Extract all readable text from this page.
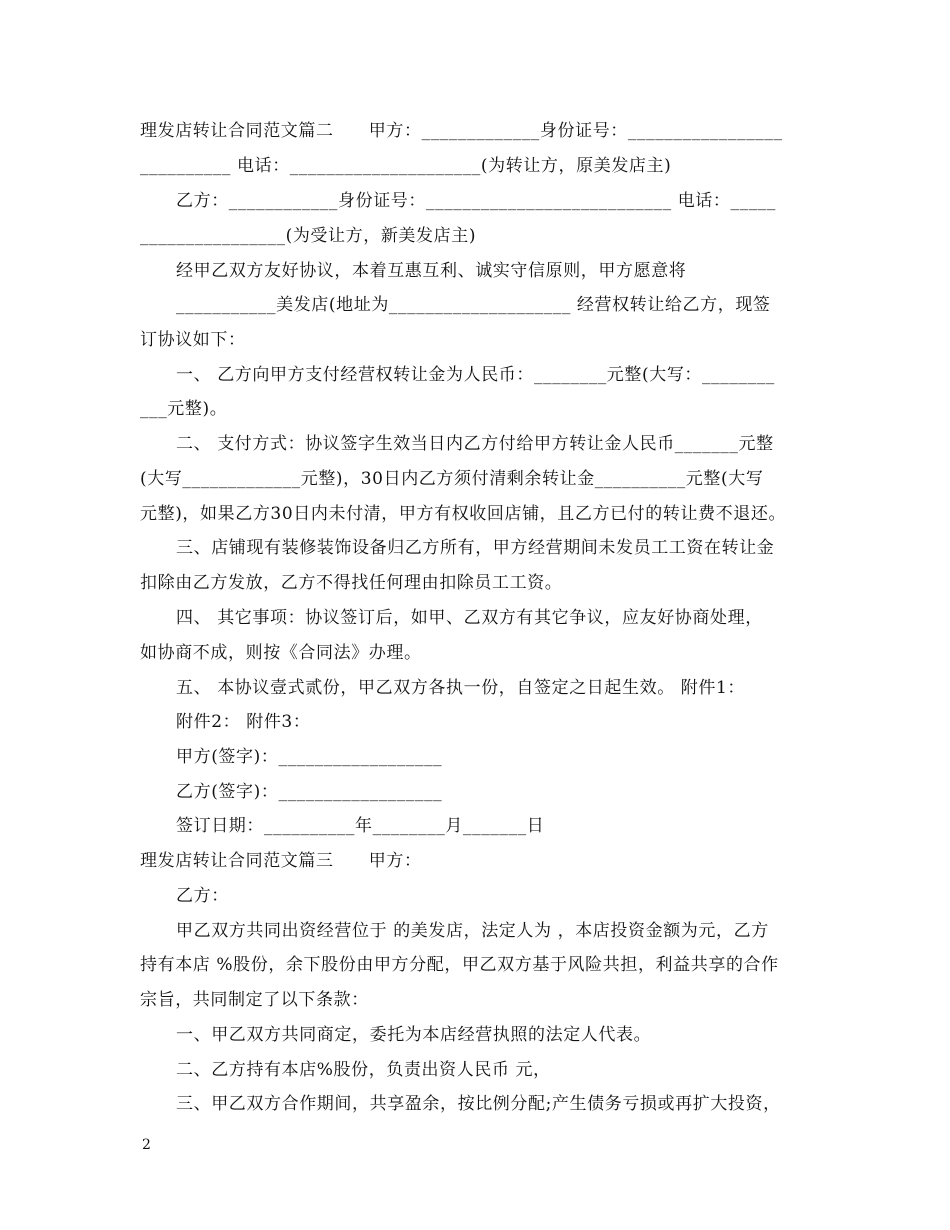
理发店转让合同范文篇二　　甲方：_____________身份证号：_________________
__________ 电话：_____________________(为转让方，原美发店主)
乙方：____________身份证号：___________________________ 电话：_____
________________(为受让方，新美发店主)
经甲乙双方友好协议，本着互惠互利、诚实守信原则，甲方愿意将
___________美发店(地址为____________________ 经营权转让给乙方，现签
订协议如下：
一、 乙方向甲方支付经营权转让金为人民币：________元整(大写：________
___元整)。
二、 支付方式：协议签字生效当日内乙方付给甲方转让金人民币_______元整
(大写_____________元整)，30日内乙方须付清剩余转让金__________元整(大写
元整)，如果乙方30日内未付清，甲方有权收回店铺，且乙方已付的转让费不退还。
三、店铺现有装修装饰设备归乙方所有，甲方经营期间未发员工工资在转让金
扣除由乙方发放，乙方不得找任何理由扣除员工工资。
四、 其它事项：协议签订后，如甲、乙双方有其它争议，应友好协商处理，
如协商不成，则按《合同法》办理。
五、 本协议壹式贰份，甲乙双方各执一份，自签定之日起生效。 附件1：
附件2： 附件3：
甲方(签字)：__________________
乙方(签字)：__________________
签订日期：__________年________月_______日
理发店转让合同范文篇三　　甲方：
乙方：
甲乙双方共同出资经营位于 的美发店，法定人为 ，本店投资金额为元，乙方
持有本店 %股份，余下股份由甲方分配，甲乙双方基于风险共担，利益共享的合作
宗旨，共同制定了以下条款：
一、甲乙双方共同商定，委托为本店经营执照的法定人代表。
二、乙方持有本店%股份，负责出资人民币 元，
三、甲乙双方合作期间，共享盈余，按比例分配;产生债务亏损或再扩大投资，
2
